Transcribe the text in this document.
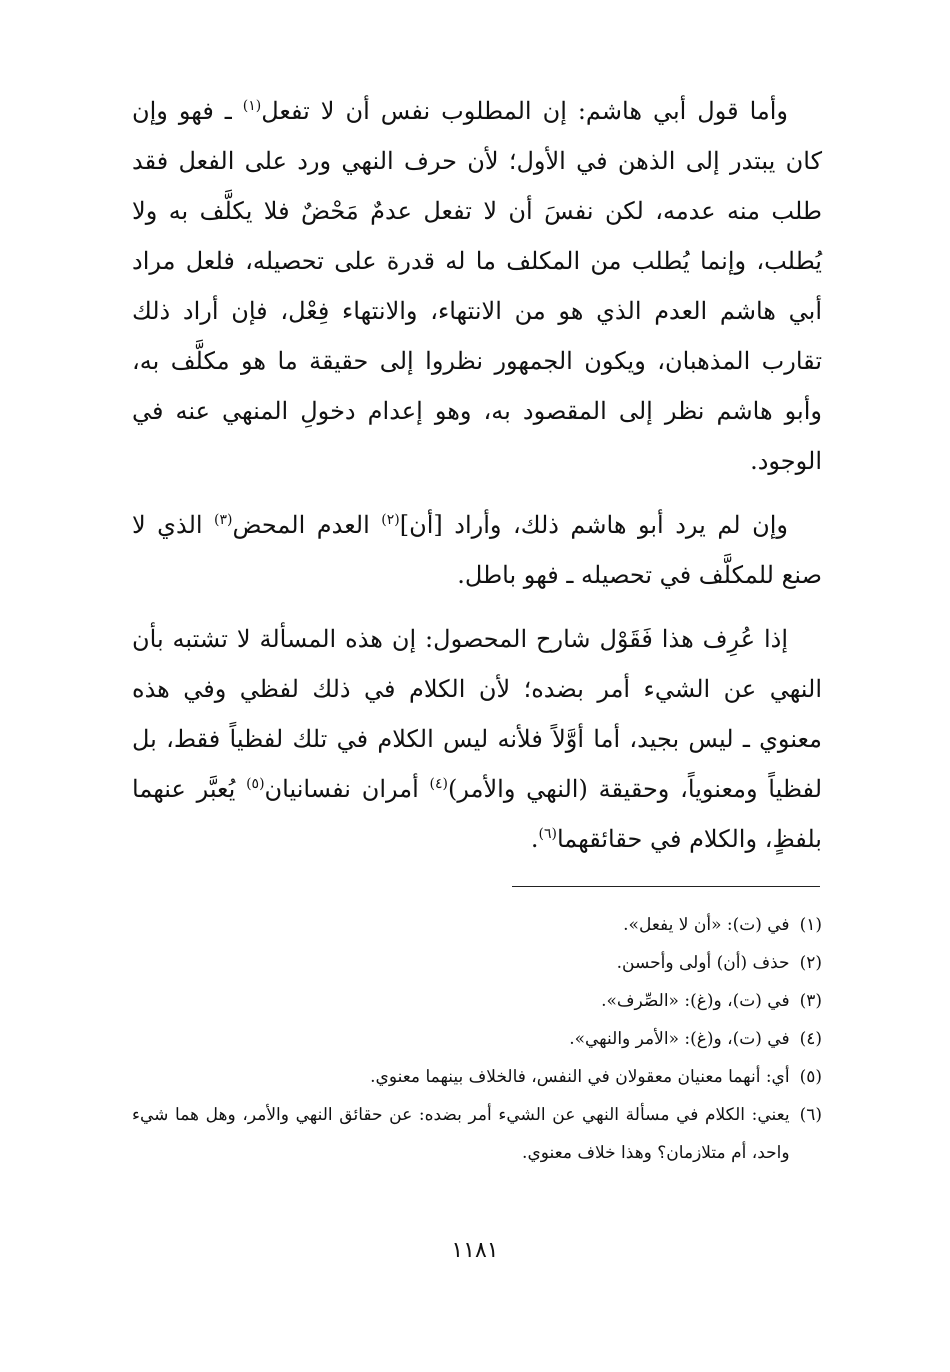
وأما قول أبي هاشم: إن المطلوب نفس أن لا تفعل$^{(١)}$ ـ فهو وإن كان يبتدر إلى الذهن في الأول؛ لأن حرف النهي ورد على الفعل فقد طلب منه عدمه، لكن نفسَ أن لا تفعل عدمٌ مَحْضٌ فلا يكلَّف به ولا يُطلب، وإنما يُطلب من المكلف ما له قدرة على تحصيله، فلعل مراد أبي هاشم العدم الذي هو من الانتهاء، والانتهاء فِعْل، فإن أراد ذلك تقارب المذهبان، ويكون الجمهور نظروا إلى حقيقة ما هو مكلَّف به، وأبو هاشم نظر إلى المقصود به، وهو إعدام دخولِ المنهي عنه في الوجود.

وإن لم يرد أبو هاشم ذلك، وأراد [أن]$^{(٢)}$ العدم المحض$^{(٣)}$ الذي لا صنع للمكلَّف في تحصيله ـ فهو باطل.

إذا عُرِف هذا فَقَوْل شارح المحصول: إن هذه المسألة لا تشتبه بأن النهي عن الشيء أمر بضده؛ لأن الكلام في ذلك لفظي وفي هذه معنوي ـ ليس بجيد، أما أوَّلاً فلأنه ليس الكلام في تلك لفظياً فقط، بل لفظياً ومعنوياً، وحقيقة (النهي والأمر)$^{(٤)}$ أمران نفسانيان$^{(٥)}$ يُعبَّر عنهما بلفظٍ، والكلام في حقائقهما$^{(٦)}$.

(١)
في (ت): «أن لا يفعل».
(٢)
حذف (أن) أولى وأحسن.
(٣)
في (ت)، و(غ): «الصِّرف».
(٤)
في (ت)، و(غ): «الأمر والنهي».
(٥)
أي: أنهما معنيان معقولان في النفس، فالخلاف بينهما معنوي.
(٦)
يعني: الكلام في مسألة النهي عن الشيء أمر بضده: عن حقائق النهي والأمر، وهل هما شيء واحد، أم متلازمان؟ وهذا خلاف معنوي.
١١٨١
